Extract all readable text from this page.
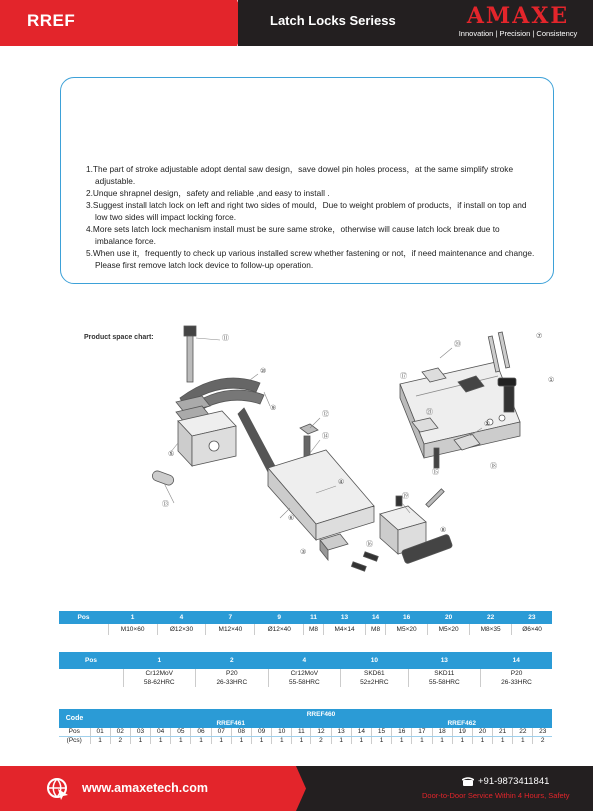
RREF	Latch Locks Seriess	AMAXE
Innovation | Precision | Consistency
1.The part of stroke adjustable adopt dental saw design，save dowel pin holes process，at the same simplify stroke adjustable.
2.Unque shrapnel design，safety and reliable ,and easy to install .
3.Suggest install latch lock on left and right two sides of mould，Due to weight problem of products，if install on top and low two sides will impact locking force.
4.More sets latch lock mechanism install must be sure same stroke，otherwise will cause latch lock break due to imbalance force.
5.When use it，frequently to check up various installed screw whether fastening or not，if need maintenance and change. Please first remove latch lock device to follow-up operation.
Product space chart:	⑪
⑩
⑨
⑤
⑬
⑫
⑭
④
⑥
⑲
②
⑳
⑦
⑧
⑯
③
①
㉑
⑱
⑮
⑰
Pos	1	4	7	9	11	13	14	16	20	22	23
	M10×60	Ø12×30	M12×40	Ø12×40	M8	M4×14	M8	M5×20	M5×20	M8×35	Ø6×40
Pos	1	2	4	10	13	14
	Cr12MoV	P20	Cr12MoV	SKD61	SKD11	P20
	58-62HRC	26-33HRC	55-58HRC	52±2HRC	55-58HRC	26-33HRC
Code	RREF460																						
	RREF461														RREF462								
Pos	01	02	03	04	05	06	07	08	09	10	11	12	13	14	15	16	17	18	19	20	21	22	23
(Pcs)	1	2	1	1	1	1	1	1	1	1	1	2	1	1	1	1	1	1	1	1	1	1	2
www.amaxetech.com	+91-9873411841
Door-to-Door Service Within 4 Hours, Safety
